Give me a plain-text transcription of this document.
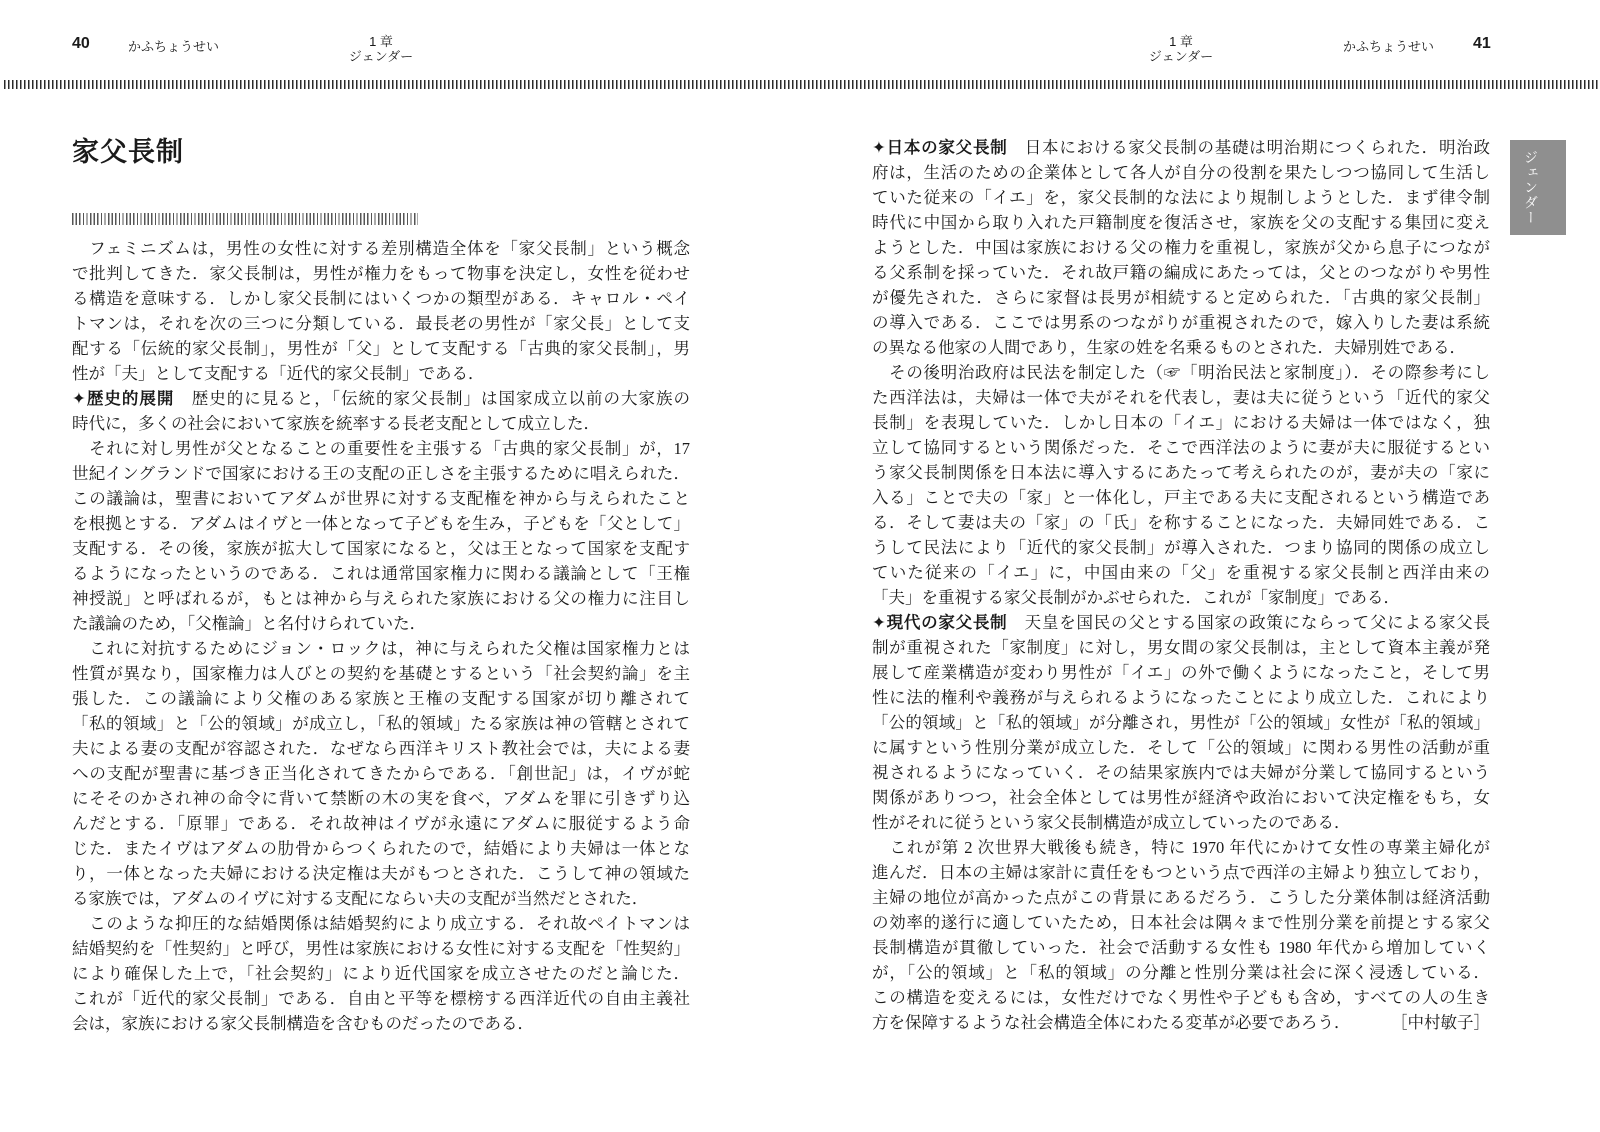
40	かふちょうせい	1 章
ジェンダー
1 章
ジェンダー
かふちょうせい 41
家父長制
　フェミニズムは，男性の女性に対する差別構造全体を「家父長制」という概念
で批判してきた．家父長制は，男性が権力をもって物事を決定し，女性を従わせ
る構造を意味する．しかし家父長制にはいくつかの類型がある．キャロル・ペイ
トマンは，それを次の三つに分類している．最長老の男性が「家父長」として支
配する「伝統的家父長制」，男性が「父」として支配する「古典的家父長制」，男
性が「夫」として支配する「近代的家父長制」である．
✦歴史的展開　歴史的に見ると，「伝統的家父長制」は国家成立以前の大家族の
時代に，多くの社会において家族を統率する長老支配として成立した．
　それに対し男性が父となることの重要性を主張する「古典的家父長制」が，17
世紀イングランドで国家における王の支配の正しさを主張するために唱えられた．
この議論は，聖書においてアダムが世界に対する支配権を神から与えられたこと
を根拠とする．アダムはイヴと一体となって子どもを生み，子どもを「父として」
支配する．その後，家族が拡大して国家になると，父は王となって国家を支配す
るようになったというのである．これは通常国家権力に関わる議論として「王権
神授説」と呼ばれるが，もとは神から与えられた家族における父の権力に注目し
た議論のため，「父権論」と名付けられていた．
　これに対抗するためにジョン・ロックは，神に与えられた父権は国家権力とは
性質が異なり，国家権力は人びとの契約を基礎とするという「社会契約論」を主
張した．この議論により父権のある家族と王権の支配する国家が切り離されて
「私的領域」と「公的領域」が成立し，「私的領域」たる家族は神の管轄とされて
夫による妻の支配が容認された．なぜなら西洋キリスト教社会では，夫による妻
への支配が聖書に基づき正当化されてきたからである．「創世記」は，イヴが蛇
にそそのかされ神の命令に背いて禁断の木の実を食べ，アダムを罪に引きずり込
んだとする．「原罪」である．それ故神はイヴが永遠にアダムに服従するよう命
じた．またイヴはアダムの肋骨からつくられたので，結婚により夫婦は一体とな
り，一体となった夫婦における決定権は夫がもつとされた．こうして神の領域た
る家族では，アダムのイヴに対する支配にならい夫の支配が当然だとされた．
　このような抑圧的な結婚関係は結婚契約により成立する．それ故ペイトマンは
結婚契約を「性契約」と呼び，男性は家族における女性に対する支配を「性契約」
により確保した上で，「社会契約」により近代国家を成立させたのだと論じた．
これが「近代的家父長制」である．自由と平等を標榜する西洋近代の自由主義社
会は，家族における家父長制構造を含むものだったのである．
✦日本の家父長制　日本における家父長制の基礎は明治期につくられた．明治政
府は，生活のための企業体として各人が自分の役割を果たしつつ協同して生活し
ていた従来の「イエ」を，家父長制的な法により規制しようとした．まず律令制
時代に中国から取り入れた戸籍制度を復活させ，家族を父の支配する集団に変え
ようとした．中国は家族における父の権力を重視し，家族が父から息子につなが
る父系制を採っていた．それ故戸籍の編成にあたっては，父とのつながりや男性
が優先された．さらに家督は長男が相続すると定められた．「古典的家父長制」
の導入である．ここでは男系のつながりが重視されたので，嫁入りした妻は系統
の異なる他家の人間であり，生家の姓を名乗るものとされた．夫婦別姓である．
　その後明治政府は民法を制定した（☞「明治民法と家制度」）．その際参考にし
た西洋法は，夫婦は一体で夫がそれを代表し，妻は夫に従うという「近代的家父
長制」を表現していた．しかし日本の「イエ」における夫婦は一体ではなく，独
立して協同するという関係だった．そこで西洋法のように妻が夫に服従するとい
う家父長制関係を日本法に導入するにあたって考えられたのが，妻が夫の「家に
入る」ことで夫の「家」と一体化し，戸主である夫に支配されるという構造であ
る．そして妻は夫の「家」の「氏」を称することになった．夫婦同姓である．こ
うして民法により「近代的家父長制」が導入された．つまり協同的関係の成立し
ていた従来の「イエ」に，中国由来の「父」を重視する家父長制と西洋由来の
「夫」を重視する家父長制がかぶせられた．これが「家制度」である．
✦現代の家父長制　天皇を国民の父とする国家の政策にならって父による家父長
制が重視された「家制度」に対し，男女間の家父長制は，主として資本主義が発
展して産業構造が変わり男性が「イエ」の外で働くようになったこと，そして男
性に法的権利や義務が与えられるようになったことにより成立した．これにより
「公的領域」と「私的領域」が分離され，男性が「公的領域」女性が「私的領域」
に属すという性別分業が成立した．そして「公的領域」に関わる男性の活動が重
視されるようになっていく．その結果家族内では夫婦が分業して協同するという
関係がありつつ，社会全体としては男性が経済や政治において決定権をもち，女
性がそれに従うという家父長制構造が成立していったのである．
　これが第 2 次世界大戦後も続き，特に 1970 年代にかけて女性の専業主婦化が
進んだ．日本の主婦は家計に責任をもつという点で西洋の主婦より独立しており，
主婦の地位が高かった点がこの背景にあるだろう．こうした分業体制は経済活動
の効率的遂行に適していたため，日本社会は隅々まで性別分業を前提とする家父
長制構造が貫徹していった．社会で活動する女性も 1980 年代から増加していく
が，「公的領域」と「私的領域」の分離と性別分業は社会に深く浸透している．
この構造を変えるには，女性だけでなく男性や子どもも含め，すべての人の生き
方を保障するような社会構造全体にわたる変革が必要であろう．	［中村敏子］
ジェンダー
